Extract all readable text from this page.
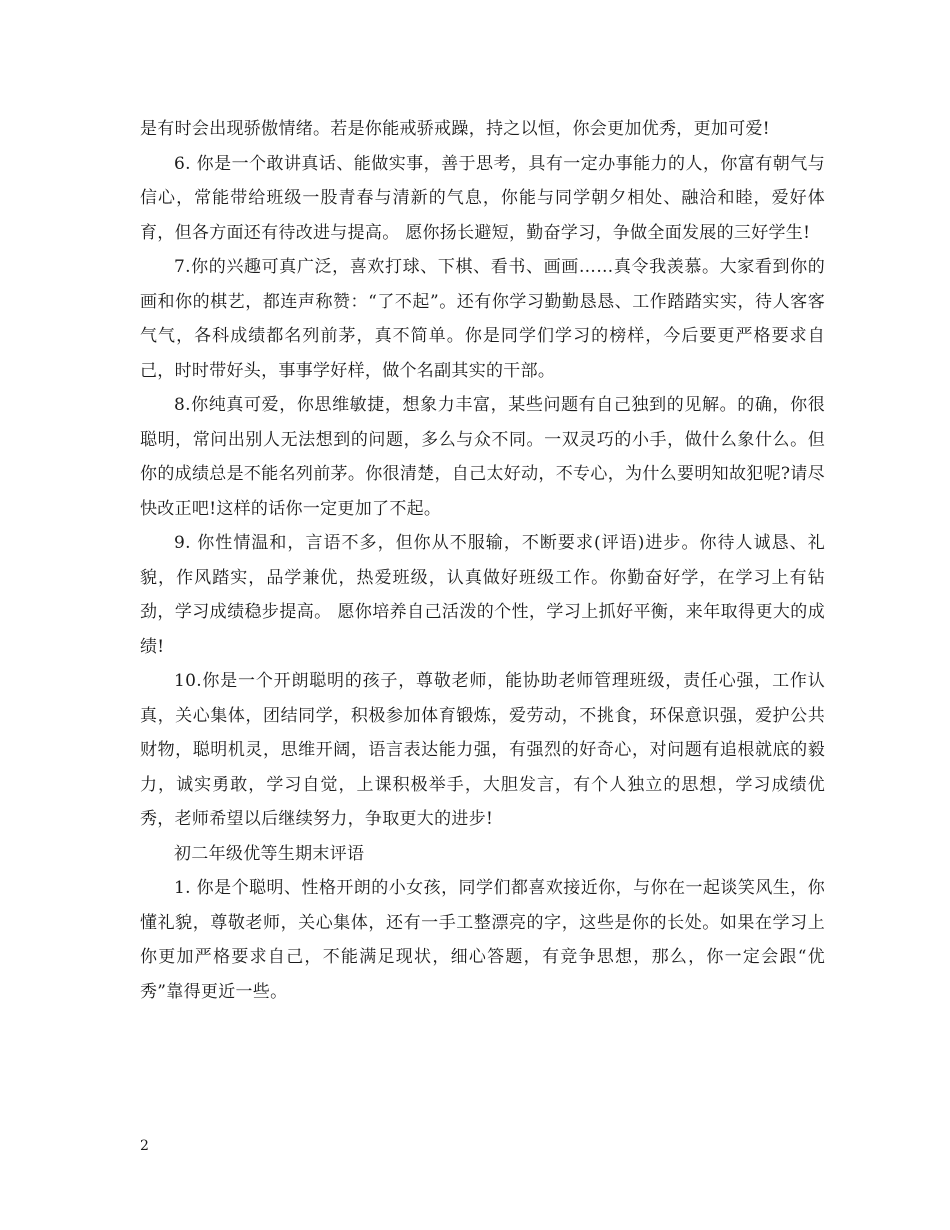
是有时会出现骄傲情绪。若是你能戒骄戒躁，持之以恒，你会更加优秀，更加可爱!

6. 你是一个敢讲真话、能做实事，善于思考，具有一定办事能力的人，你富有朝气与信心，常能带给班级一股青春与清新的气息，你能与同学朝夕相处、融洽和睦，爱好体育，但各方面还有待改进与提高。 愿你扬长避短，勤奋学习，争做全面发展的三好学生!

7.你的兴趣可真广泛，喜欢打球、下棋、看书、画画……真令我羡慕。大家看到你的画和你的棋艺，都连声称赞：“了不起”。还有你学习勤勤恳恳、工作踏踏实实，待人客客气气，各科成绩都名列前茅，真不简单。你是同学们学习的榜样，今后要更严格要求自己，时时带好头，事事学好样，做个名副其实的干部。

8.你纯真可爱，你思维敏捷，想象力丰富，某些问题有自己独到的见解。的确，你很聪明，常问出别人无法想到的问题，多么与众不同。一双灵巧的小手，做什么象什么。但你的成绩总是不能名列前茅。你很清楚，自己太好动，不专心，为什么要明知故犯呢?请尽快改正吧!这样的话你一定更加了不起。

9. 你性情温和，言语不多，但你从不服输，不断要求(评语)进步。你待人诚恳、礼貌，作风踏实，品学兼优，热爱班级，认真做好班级工作。你勤奋好学，在学习上有钻劲，学习成绩稳步提高。 愿你培养自己活泼的个性，学习上抓好平衡，来年取得更大的成绩!

10.你是一个开朗聪明的孩子，尊敬老师，能协助老师管理班级，责任心强，工作认真，关心集体，团结同学，积极参加体育锻炼，爱劳动，不挑食，环保意识强，爱护公共财物，聪明机灵，思维开阔，语言表达能力强，有强烈的好奇心，对问题有追根就底的毅力，诚实勇敢，学习自觉，上课积极举手，大胆发言，有个人独立的思想，学习成绩优秀，老师希望以后继续努力，争取更大的进步!

初二年级优等生期末评语

1. 你是个聪明、性格开朗的小女孩，同学们都喜欢接近你，与你在一起谈笑风生，你懂礼貌，尊敬老师，关心集体，还有一手工整漂亮的字，这些是你的长处。如果在学习上你更加严格要求自己，不能满足现状，细心答题，有竞争思想，那么，你一定会跟“优秀”靠得更近一些。

2
